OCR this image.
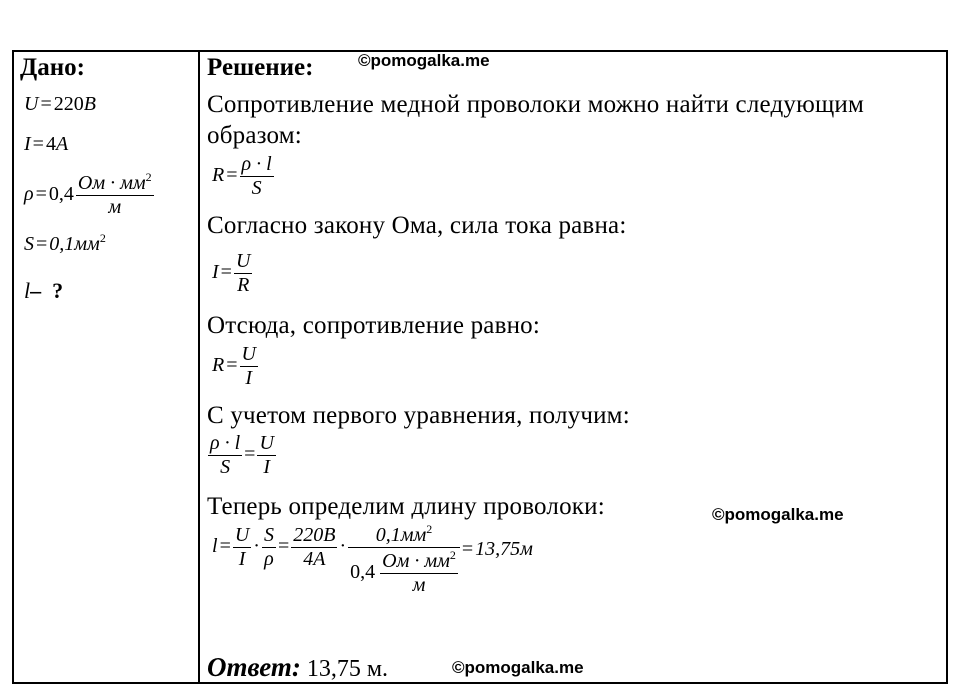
Дано:
U = 220B
I = 4A
$\rho = 0,4 \frac{Ом \cdot мм^2}{м}$
$S = 0,1мм^2$
l– ?
Решение:	©pomogalka.me
Сопротивление медной проволоки можно найти следующим
образом:
$R = \frac{\rho \cdot l}{S}$
Согласно закону Ома, сила тока равна:
$I = \frac{U}{R}$
Отсюда, сопротивление равно:
$R = \frac{U}{I}$
С учетом первого уравнения, получим:
$\frac{\rho \cdot l}{S} = \frac{U}{I}$
Теперь определим длину проволоки:	©pomogalka.me
$l = \frac{U}{I} \cdot \frac{S}{\rho} = \frac{220B}{4A} \cdot \frac{0,1мм^2}{0,4 \frac{Ом \cdot мм^2}{м}} = 13,75м$
Ответ: 13,75 м.	©pomogalka.me
